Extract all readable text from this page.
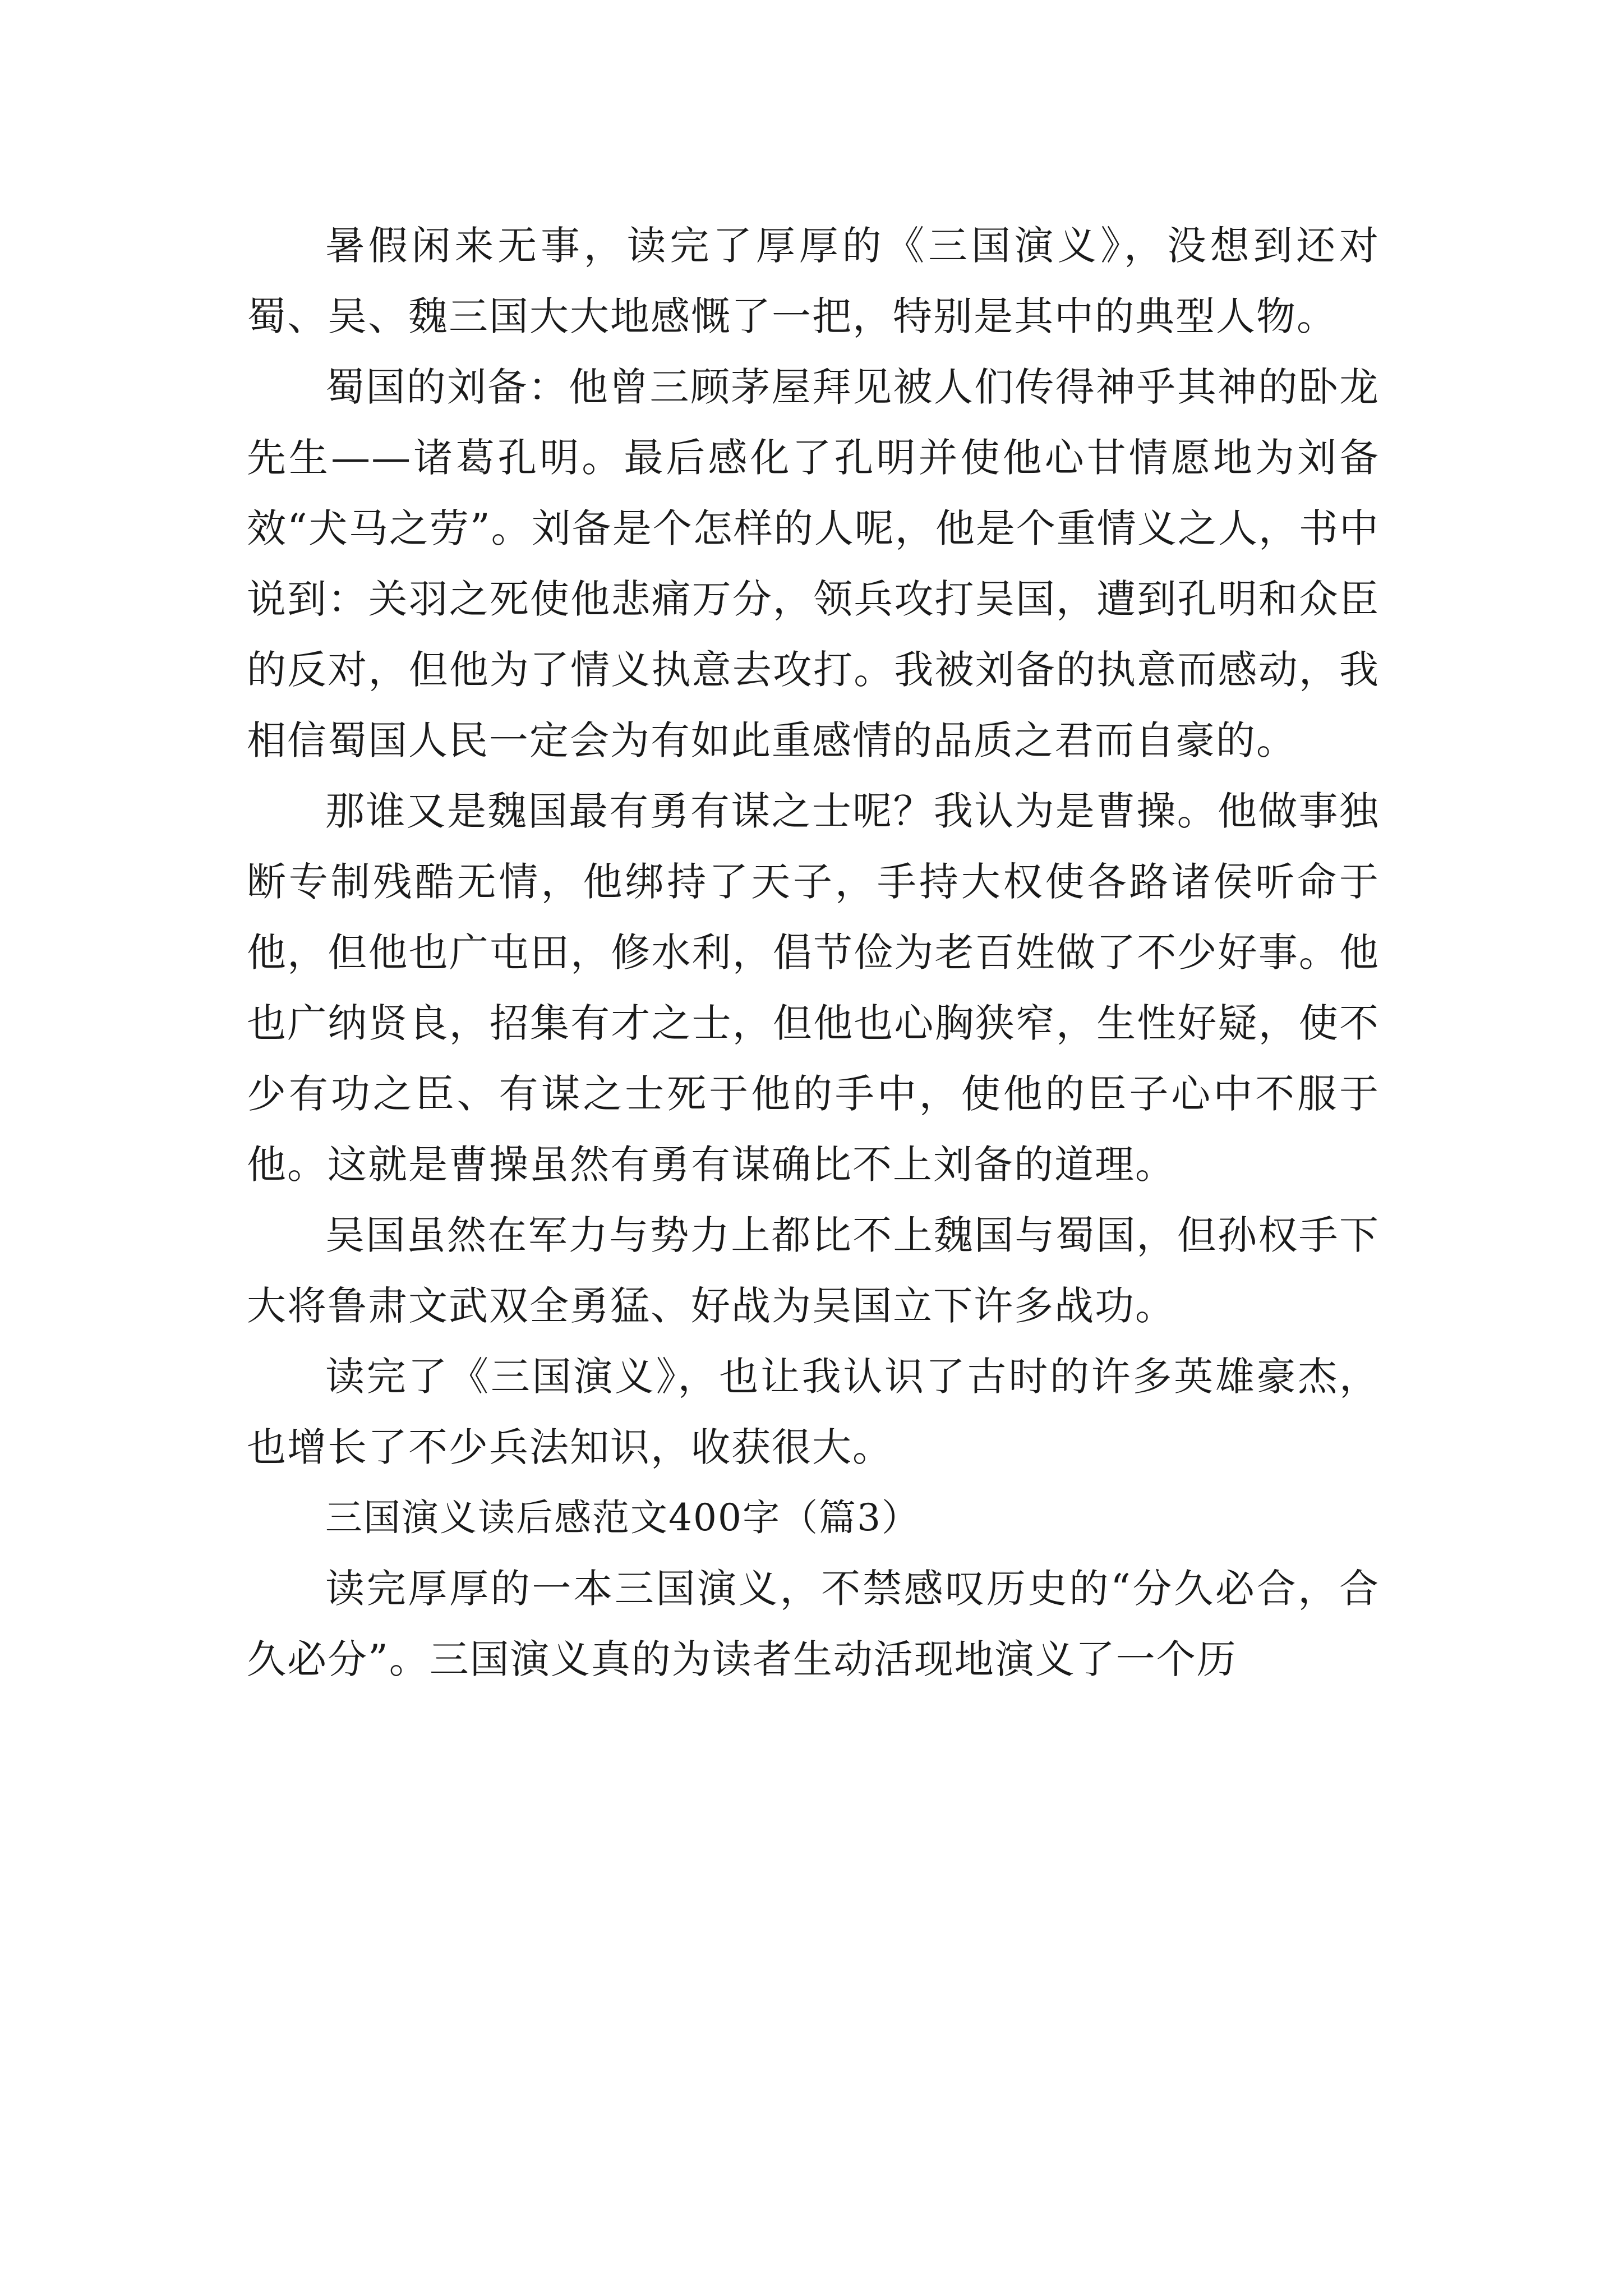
暑假闲来无事，读完了厚厚的《三国演义》，没想到还对蜀、吴、魏三国大大地感慨了一把，特别是其中的典型人物。

蜀国的刘备：他曾三顾茅屋拜见被人们传得神乎其神的卧龙先生——诸葛孔明。最后感化了孔明并使他心甘情愿地为刘备效“犬马之劳”。刘备是个怎样的人呢，他是个重情义之人，书中说到：关羽之死使他悲痛万分，领兵攻打吴国，遭到孔明和众臣的反对，但他为了情义执意去攻打。我被刘备的执意而感动，我相信蜀国人民一定会为有如此重感情的品质之君而自豪的。

那谁又是魏国最有勇有谋之士呢？我认为是曹操。他做事独断专制残酷无情，他绑持了天子，手持大权使各路诸侯听命于他，但他也广屯田，修水利，倡节俭为老百姓做了不少好事。他也广纳贤良，招集有才之士，但他也心胸狭窄，生性好疑，使不少有功之臣、有谋之士死于他的手中，使他的臣子心中不服于他。这就是曹操虽然有勇有谋确比不上刘备的道理。

吴国虽然在军力与势力上都比不上魏国与蜀国，但孙权手下大将鲁肃文武双全勇猛、好战为吴国立下许多战功。

读完了《三国演义》，也让我认识了古时的许多英雄豪杰，也增长了不少兵法知识，收获很大。

三国演义读后感范文400字（篇3）

读完厚厚的一本三国演义，不禁感叹历史的“分久必合，合久必分”。三国演义真的为读者生动活现地演义了一个历
